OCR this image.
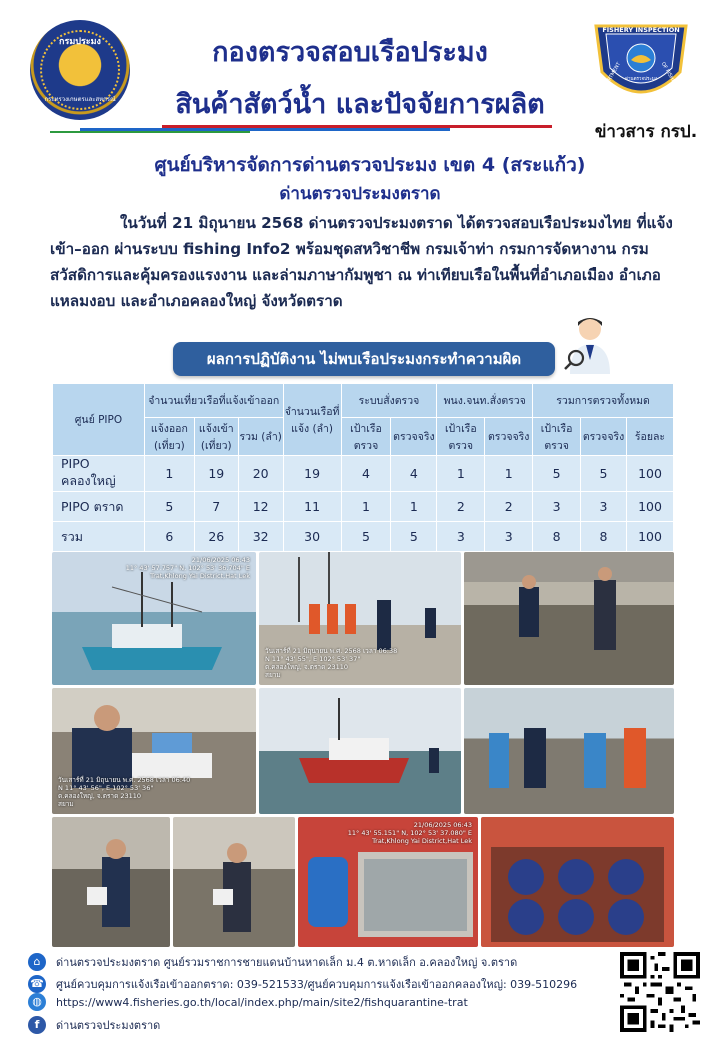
กรมประมง
กระทรวงเกษตรและสหกรณ์
กองตรวจสอบเรือประมง
สินค้าสัตว์น้ำ และปัจจัยการผลิต
FISHERY INSPECTION
DEPARTMENT	OF FISHERIES
ด่านตรวจประมง
ข่าวสาร กรป.
ศูนย์บริหารจัดการด่านตรวจประมง เขต 4 (สระแก้ว)
ด่านตรวจประมงตราด
ในวันที่ 21 มิถุนายน 2568 ด่านตรวจประมงตราด ได้ตรวจสอบเรือประมงไทย ที่แจ้งเข้า–ออก ผ่านระบบ fishing Info2 พร้อมชุดสหวิชาชีพ กรมเจ้าท่า กรมการจัดหางาน กรมสวัสดิการและคุ้มครองแรงงาน และล่ามภาษากัมพูชา ณ ท่าเทียบเรือในพื้นที่อำเภอเมือง อำเภอแหลมงอบ และอำเภอคลองใหญ่ จังหวัดตราด
ผลการปฏิบัติงาน ไม่พบเรือประมงกระทำความผิด
ศูนย์ PIPO	จำนวนเที่ยวเรือที่แจ้งเข้าออก			จำนวนเรือที่แจ้ง (ลำ)	ระบบสั่งตรวจ		พนง.จนท.สั่งตรวจ		รวมการตรวจทั้งหมด		
	แจ้งออก (เที่ยว)	แจ้งเข้า (เที่ยว)	รวม (ลำ)		เป้าเรือตรวจ	ตรวจจริง	เป้าเรือตรวจ	ตรวจจริง	เป้าเรือตรวจ	ตรวจจริง	ร้อยละ
PIPO คลองใหญ่	1	19	20	19	4	4	1	1	5	5	100
PIPO ตราด	5	7	12	11	1	1	2	2	3	3	100
รวม	6	26	32	30	5	5	3	3	8	8	100
21/06/2025 06:43
11° 43' 57.757" N, 102° 53' 36.704" E
Trat,Khlong Yai District,Hat Lek
วันเสาร์ที่ 21 มิถุนายน พ.ศ. 2568 เวลา 06:38
N 11° 43' 55", E 102° 53' 37"
ต.คลองใหญ่, จ.ตราด 23110
สยาม
วันเสาร์ที่ 21 มิถุนายน พ.ศ. 2568 เวลา 06:40
N 11° 43' 56", E 102° 53' 36"
ต.คลองใหญ่, จ.ตราด 23110
สยาม
21/06/2025 06:43
11° 43' 55.151" N, 102° 53' 37.080" E
Trat,Khlong Yai District,Hat Lek
⌂	ด่านตรวจประมงตราด ศูนย์รวมราชการชายแดนบ้านหาดเล็ก ม.4 ต.หาดเล็ก อ.คลองใหญ่ จ.ตราด
☎ ศูนย์ควบคุมการแจ้งเรือเข้าออกตราด: 039-521533/ศูนย์ควบคุมการแจ้งเรือเข้าออกคลองใหญ่: 039-510296
◍	https://www4.fisheries.go.th/local/index.php/main/site2/fishquarantine-trat
f	ด่านตรวจประมงตราด
